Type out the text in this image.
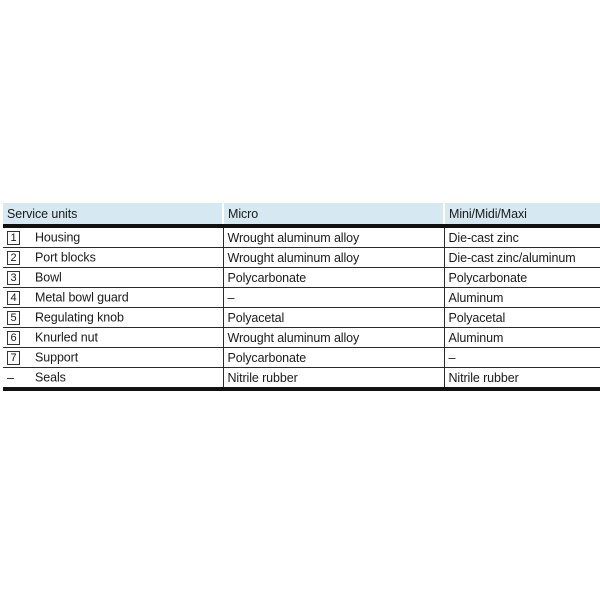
Service units	Micro	Mini/Midi/Maxi
1 Housing	Wrought aluminum alloy	Die-cast zinc
2 Port blocks	Wrought aluminum alloy	Die-cast zinc/aluminum
3 Bowl	Polycarbonate	Polycarbonate
4 Metal bowl guard	–	Aluminum
5 Regulating knob	Polyacetal	Polyacetal
6 Knurled nut	Wrought aluminum alloy	Aluminum
7 Support	Polycarbonate	–
– Seals	Nitrile rubber	Nitrile rubber
